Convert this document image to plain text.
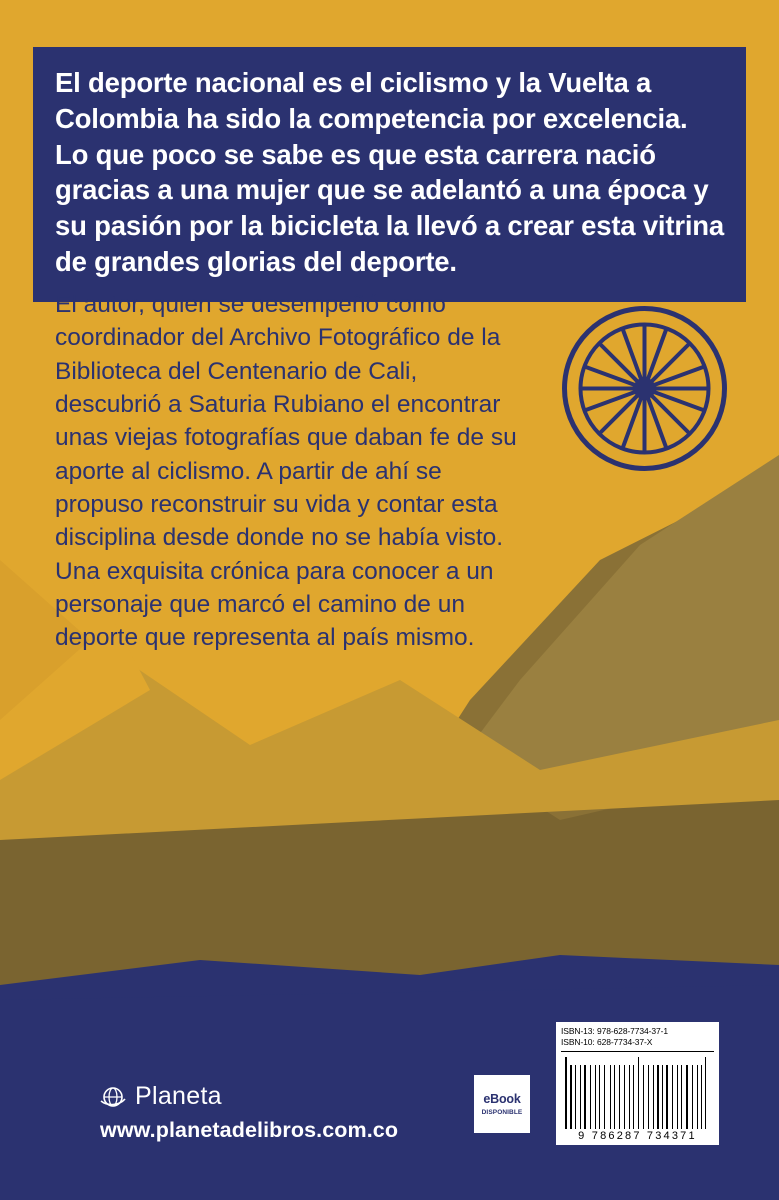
El deporte nacional es el ciclismo y la Vuelta a Colombia ha sido la competencia por excelencia. Lo que poco se sabe es que esta carrera nació gracias a una mujer que se adelantó a una época y su pasión por la bicicleta la llevó a crear esta vitrina de grandes glorias del deporte.

El autor, quien se desempeñó como coordinador del Archivo Fotográfico de la Biblioteca del Centenario de Cali, descubrió a Saturia Rubiano el encontrar unas viejas fotografías que daban fe de su aporte al ciclismo. A partir de ahí se propuso reconstruir su vida y contar esta disciplina desde donde no se había visto. Una exquisita crónica para conocer a un personaje que marcó el camino de un deporte que representa al país mismo.

Planeta
www.planetadelibros.com.co
eBook
DISPONIBLE
ISBN-13: 978-628-7734-37-1
ISBN-10: 628-7734-37-X
9 786287 734371
